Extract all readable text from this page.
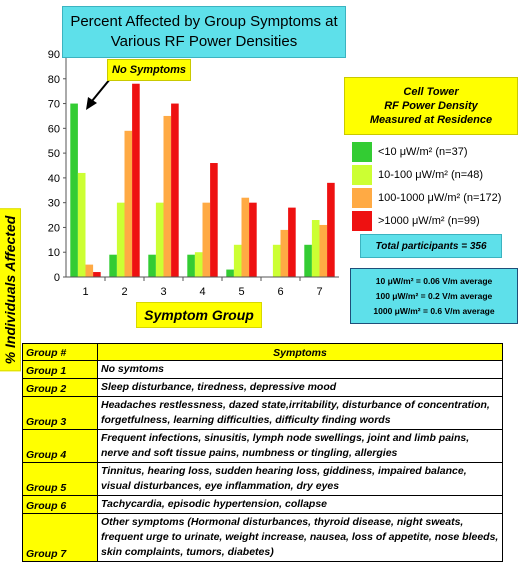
0
10
20
30
40
50
60
70
80
90
1	2	3	4	5	6	7
Percent Affected by Group Symptoms at
Various RF Power Densities
No Symptoms
% Individuals Affected	Symptom Group
Cell Tower
RF Power Density
Measured at Residence
<10 μW/m² (n=37)
10-100 μW/m² (n=48)
100-1000 μW/m² (n=172)
>1000 μW/m² (n=99)
Total participants = 356
10 μW/m² = 0.06 V/m average
100 μW/m² = 0.2 V/m average
1000 μW/m² = 0.6 V/m average
Group #	Symptoms
Group 1	No symtoms
Group 2	Sleep disturbance, tiredness, depressive mood
Group 3	Headaches restlessness, dazed state,irritability, disturbance of concentration, forgetfulness, learning difficulties, difficulty finding words
Group 4	Frequent infections, sinusitis, lymph node swellings, joint and limb pains, nerve and soft tissue pains, numbness or tingling, allergies
Group 5	Tinnitus, hearing loss, sudden hearing loss, giddiness, impaired balance, visual disturbances, eye inflammation, dry eyes
Group 6	Tachycardia, episodic hypertension, collapse
Group 7	Other symptoms (Hormonal disturbances, thyroid disease, night sweats, frequent urge to urinate, weight increase, nausea, loss of appetite, nose bleeds, skin complaints, tumors, diabetes)
